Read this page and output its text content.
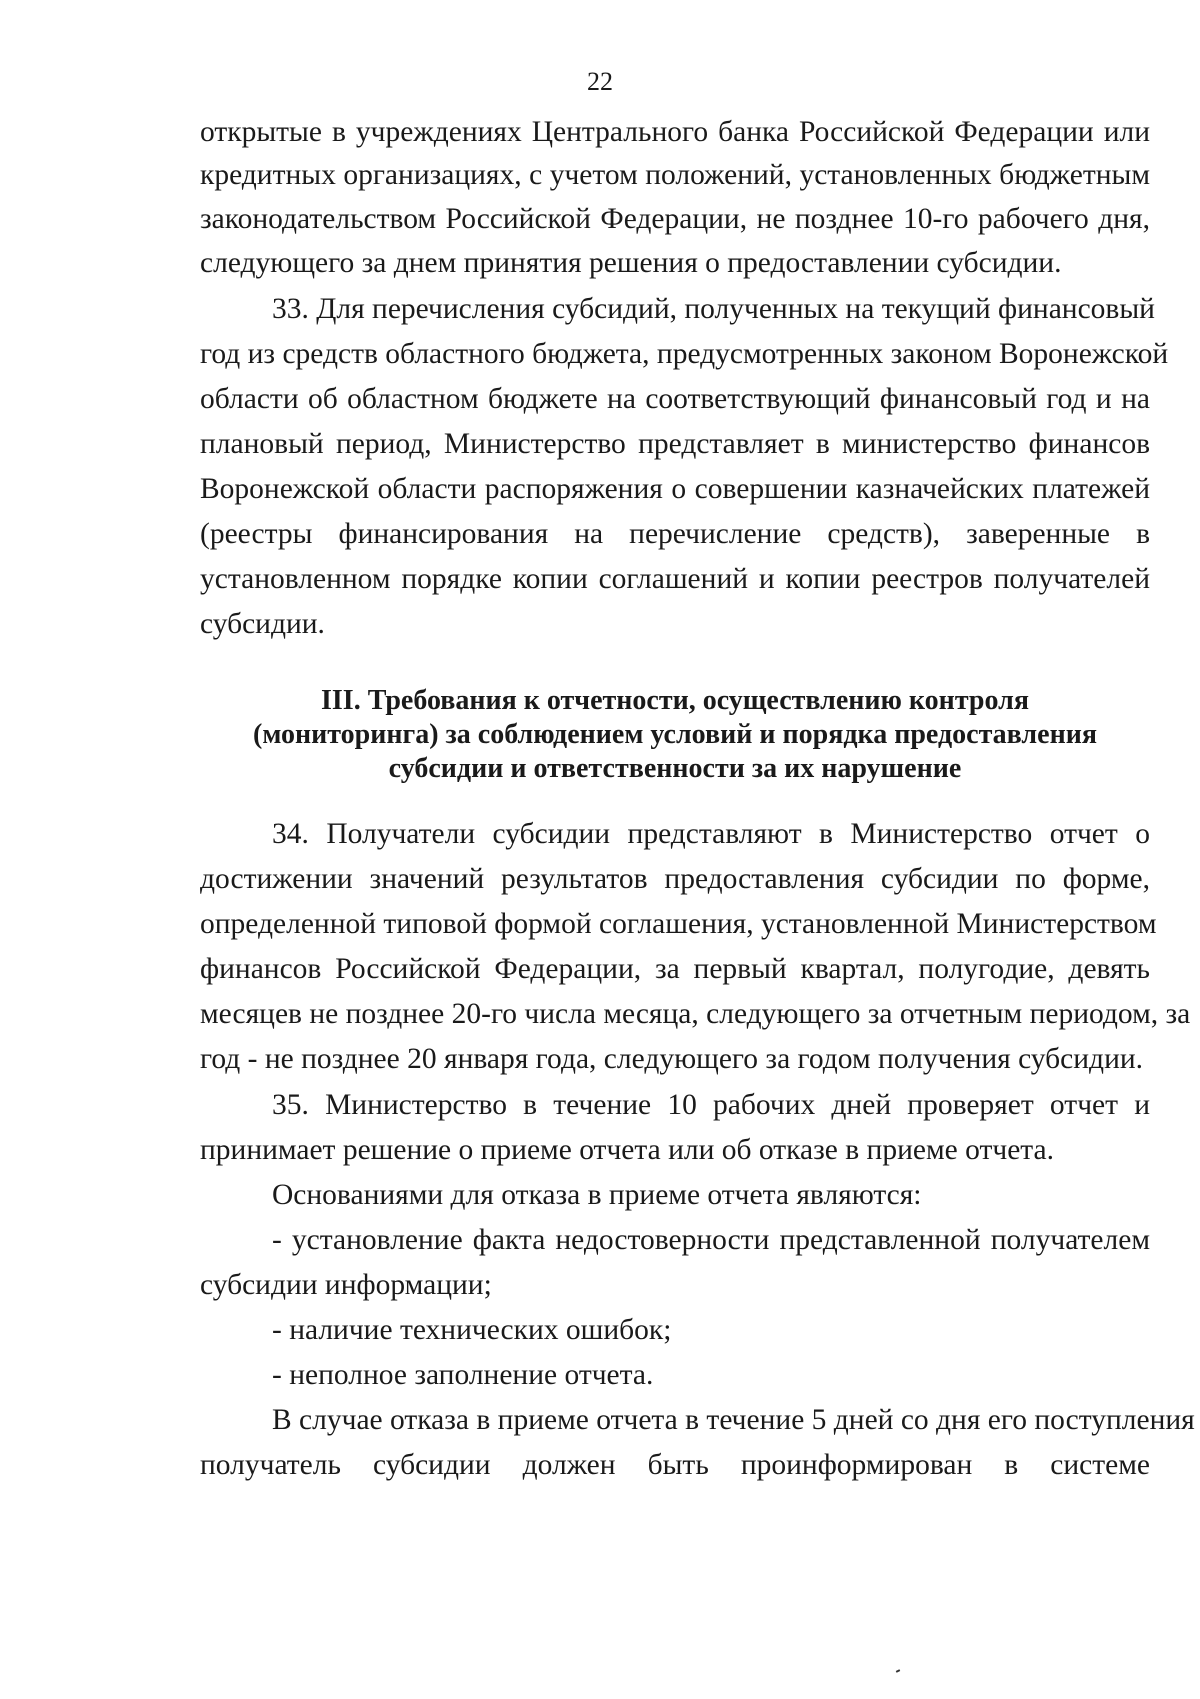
22
открытые в учреждениях Центрального банка Российской Федерации или
кредитных организациях, с учетом положений, установленных бюджетным
законодательством Российской Федерации, не позднее 10-го рабочего дня,
следующего за днем принятия решения о предоставлении субсидии.
33. Для перечисления субсидий, полученных на текущий финансовый
год из средств областного бюджета, предусмотренных законом Воронежской
области об областном бюджете на соответствующий финансовый год и на
плановый период, Министерство представляет в министерство финансов
Воронежской области распоряжения о совершении казначейских платежей
(реестры финансирования на перечисление средств), заверенные в
установленном порядке копии соглашений и копии реестров получателей
субсидии.
III. Требования к отчетности, осуществлению контроля
(мониторинга) за соблюдением условий и порядка предоставления
субсидии и ответственности за их нарушение
34. Получатели субсидии представляют в Министерство отчет о
достижении значений результатов предоставления субсидии по форме,
определенной типовой формой соглашения, установленной Министерством
финансов Российской Федерации, за первый квартал, полугодие, девять
месяцев не позднее 20-го числа месяца, следующего за отчетным периодом, за
год - не позднее 20 января года, следующего за годом получения субсидии.
35. Министерство в течение 10 рабочих дней проверяет отчет и
принимает решение о приеме отчета или об отказе в приеме отчета.
Основаниями для отказа в приеме отчета являются:
- установление факта недостоверности представленной получателем
субсидии информации;
- наличие технических ошибок;
- неполное заполнение отчета.
В случае отказа в приеме отчета в течение 5 дней со дня его поступления
получатель субсидии должен быть проинформирован в системе
